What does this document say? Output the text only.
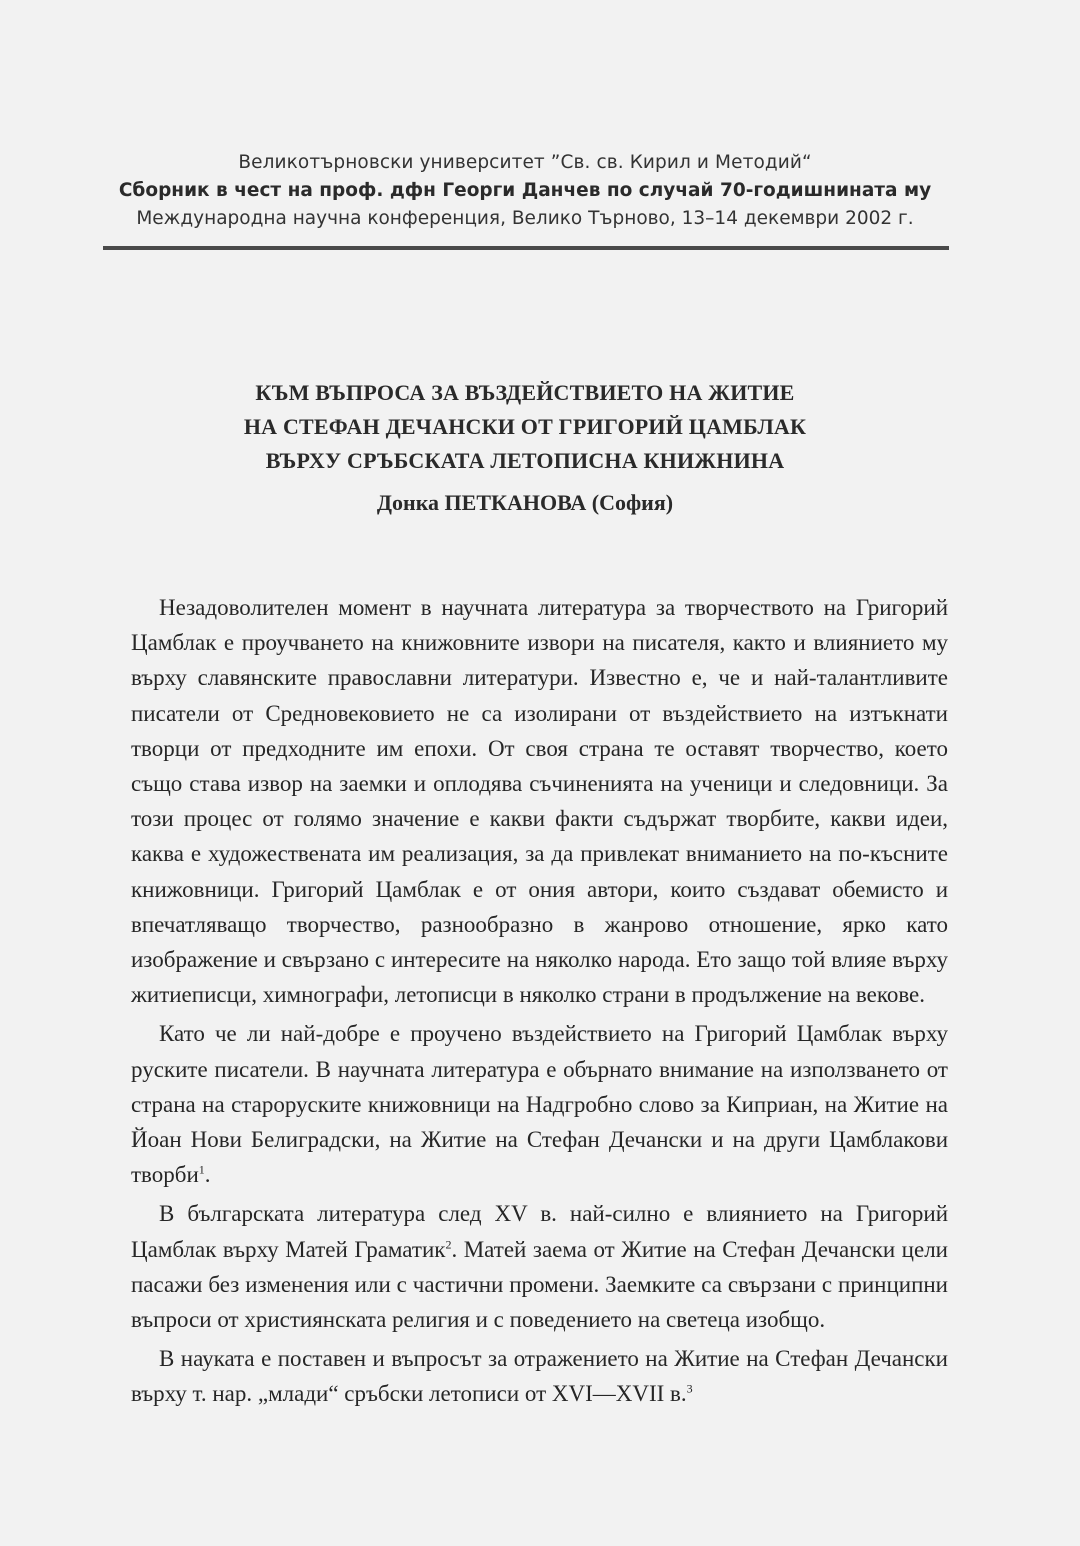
Великотърновски университет ”Св. св. Кирил и Методий“
Сборник в чест на проф. дфн Георги Данчев по случай 70-годишнината му
Международна научна конференция, Велико Търново, 13–14 декември 2002 г.
КЪМ ВЪПРОСА ЗА ВЪЗДЕЙСТВИЕТО НА ЖИТИЕ
НА СТЕФАН ДЕЧАНСКИ ОТ ГРИГОРИЙ ЦАМБЛАК
ВЪРХУ СРЪБСКАТА ЛЕТОПИСНА КНИЖНИНА
Донка ПЕТКАНОВА (София)

Незадоволителен момент в научната литература за творчеството на Григорий Цамблак е проучването на книжовните извори на писателя, както и влиянието му върху славянските православни литератури. Известно е, че и най-талантливите писатели от Средновековието не са изолирани от въздействието на изтъкнати творци от предходните им епохи. От своя страна те оставят творчество, което също става извор на заемки и оплодява съчиненията на ученици и следовници. За този процес от голямо значение е какви факти съдържат творбите, какви идеи, каква е художествената им реализация, за да привлекат вниманието на по-късните книжовници. Григорий Цамблак е от ония автори, които създават обемисто и впечатляващо творчество, разнообразно в жанрово отношение, ярко като изображение и свързано с интересите на няколко народа. Ето защо той влияе върху житиеписци, химнографи, летописци в няколко страни в продължение на векове.

Като че ли най-добре е проучено въздействието на Григорий Цамблак върху руските писатели. В научната литература е обърнато внимание на използването от страна на староруските книжовници на Надгробно слово за Киприан, на Житие на Йоан Нови Белиградски, на Житие на Стефан Дечански и на други Цамблакови творби$^1$.

В българската литература след XV в. най-силно е влиянието на Григорий Цамблак върху Матей Граматик$^2$. Матей заема от Житие на Стефан Дечански цели пасажи без изменения или с частични промени. Заемките са свързани с принципни въпроси от християнската религия и с поведението на светеца изобщо.

В науката е поставен и въпросът за отражението на Житие на Стефан Дечански върху т. нар. „млади“ сръбски летописи от XVI—XVII в.$^3$
